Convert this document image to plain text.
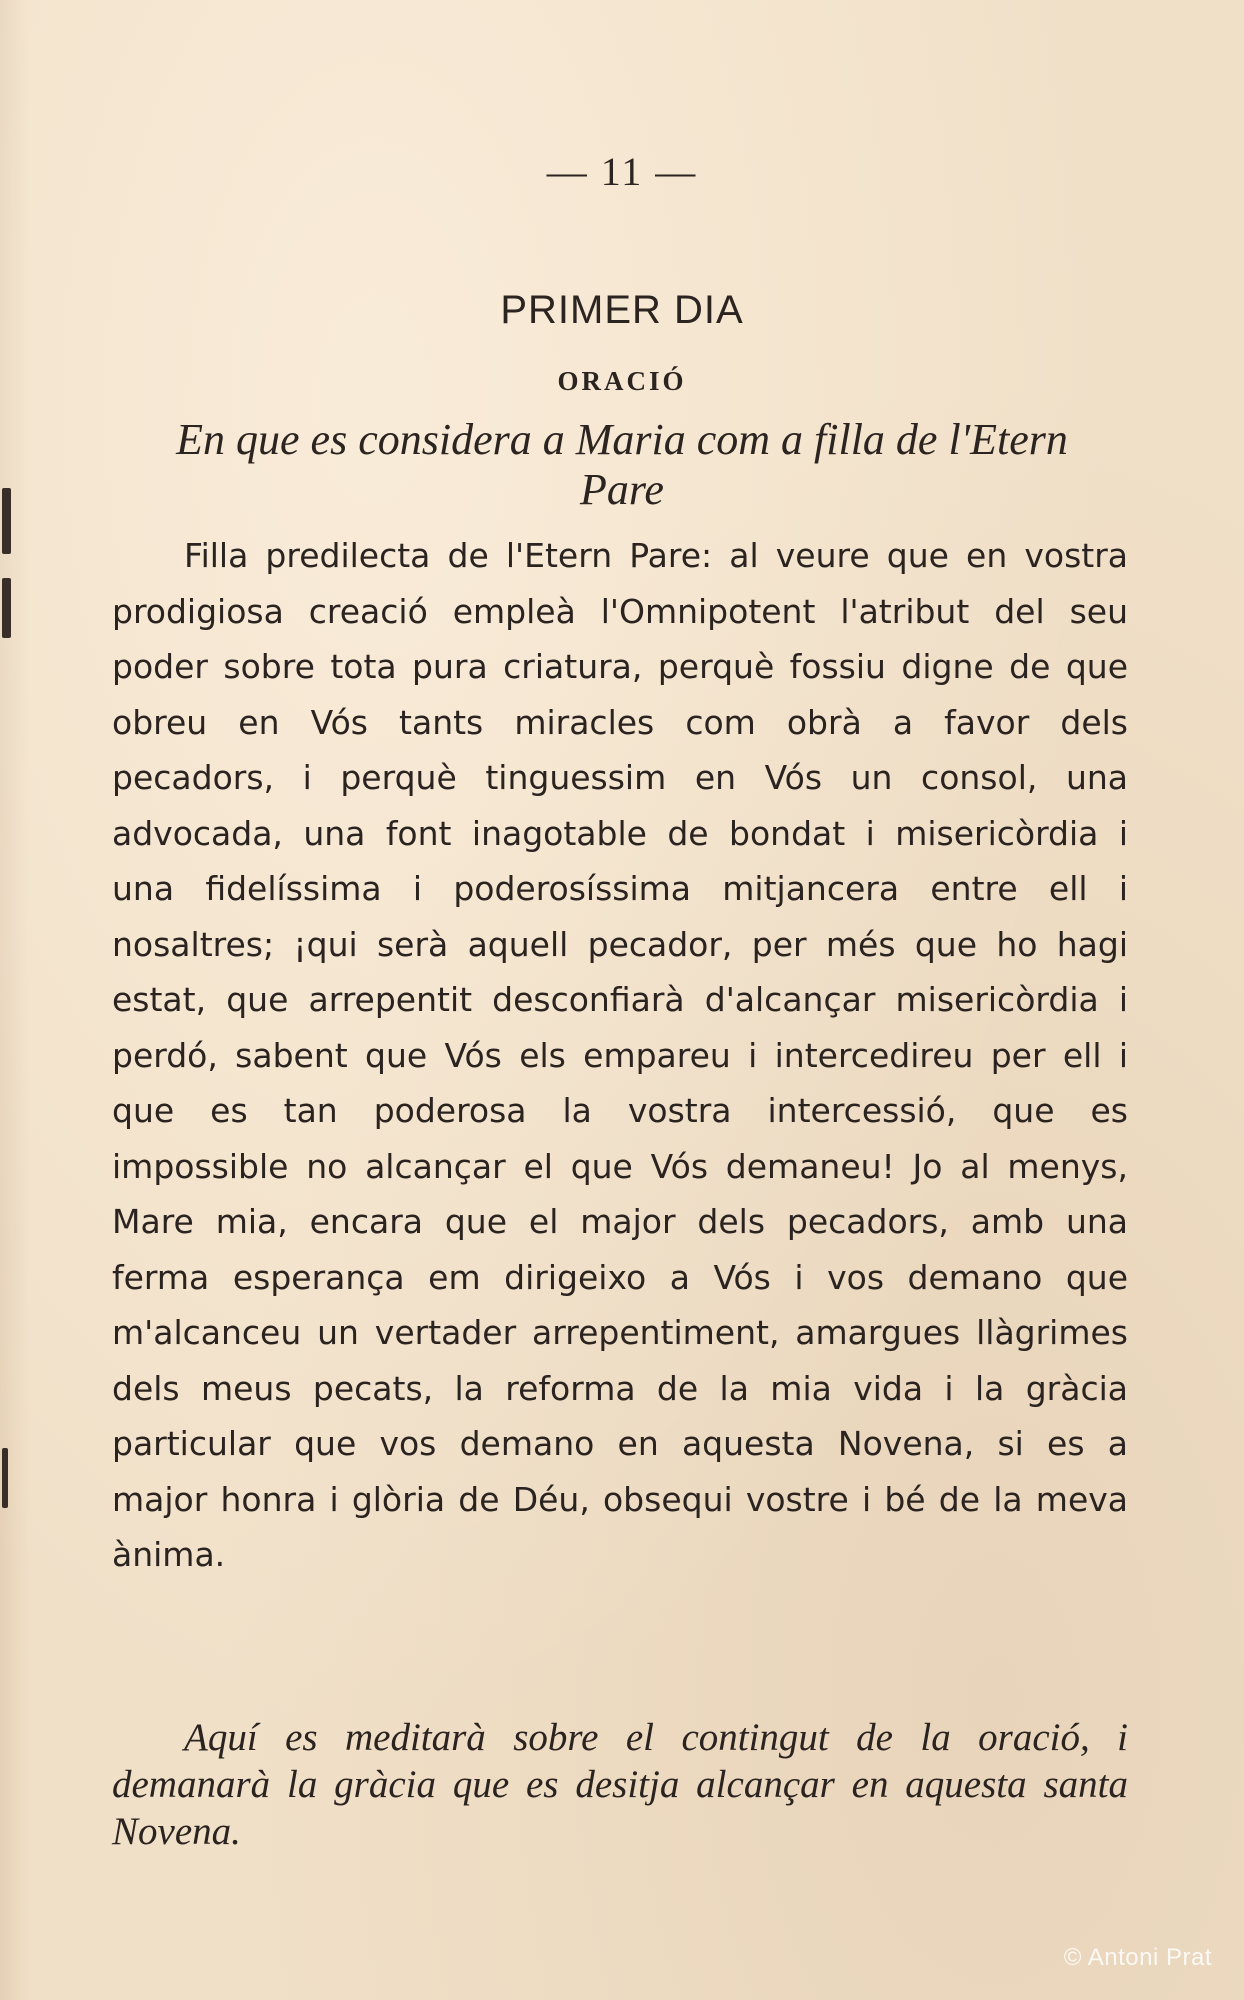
— 11 —
PRIMER DIA
ORACIÓ
En que es considera a Maria com a filla de l'Etern Pare

Filla predilecta de l'Etern Pare: al veure que en vostra prodigiosa creació empleà l'Omnipotent l'atribut del seu poder sobre tota pura criatura, perquè fossiu digne de que obreu en Vós tants miracles com obrà a favor dels pecadors, i perquè tinguessim en Vós un consol, una advocada, una font inagotable de bondat i misericòrdia i una fidelíssima i poderosíssima mitjancera entre ell i nosaltres; ¡qui serà aquell pecador, per més que ho hagi estat, que arrepentit desconfiarà d'alcançar misericòrdia i perdó, sabent que Vós els empareu i intercedireu per ell i que es tan poderosa la vostra intercessió, que es impossible no alcançar el que Vós demaneu! Jo al menys, Mare mia, encara que el major dels pecadors, amb una ferma esperança em dirigeixo a Vós i vos demano que m'alcanceu un vertader arrepentiment, amargues llàgrimes dels meus pecats, la reforma de la mia vida i la gràcia particular que vos demano en aquesta Novena, si es a major honra i glòria de Déu, obsequi vostre i bé de la meva ànima.

Aquí es meditarà sobre el contingut de la oració, i demanarà la gràcia que es desitja alcançar en aquesta santa Novena.

© Antoni Prat
